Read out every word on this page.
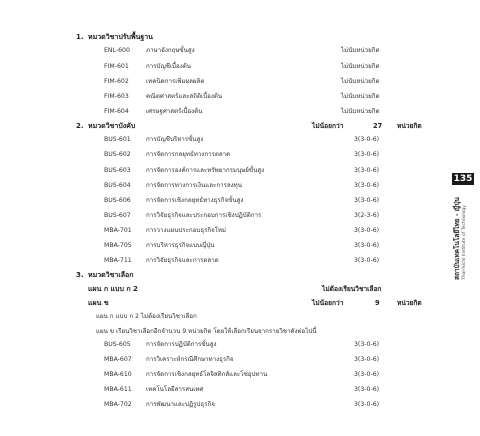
1. หมวดวิชาปรับพื้นฐาน
ENL-600	ภาษาอังกฤษขั้นสูง	ไม่นับหน่วยกิต
FIM-601	การบัญชีเบื้องต้น	ไม่นับหน่วยกิต
FIM-602	เทคนิคการเพิ่มผลผลิต	ไม่นับหน่วยกิต
FIM-603	คณิตศาสตร์และสถิติเบื้องต้น	ไม่นับหน่วยกิต
FIM-604	เศรษฐศาสตร์เบื้องต้น	ไม่นับหน่วยกิต
2. หมวดวิชาบังคับ	ไม่น้อยกว่า	27 หน่วยกิต
BUS-601 การบัญชีบริหารขั้นสูง	3(3-0-6)
BUS-602 การจัดการกลยุทธ์ทางการตลาด	3(3-0-6)
BUS-603 การจัดการองค์การและทรัพยากรมนุษย์ขั้นสูง	3(3-0-6)
BUS-604 การจัดการทางการเงินและการลงทุน	3(3-0-6)
BUS-606 การจัดการเชิงกลยุทธ์ทางธุรกิจขั้นสูง	3(3-0-6)
BUS-607 การวิจัยธุรกิจและประกอบการเชิงปฏิบัติการ	3(2-3-6)
MBA-701 การวางแผนประกอบธุรกิจใหม่	3(3-0-6)
MBA-705 การบริหารธุรกิจแบบญี่ปุ่น	3(3-0-6)
MBA-711 การวิจัยธุรกิจและการตลาด	3(3-0-6)
3. หมวดวิชาเลือก
แผน ก แบบ ก 2	ไม่ต้องเรียนวิชาเลือก
แผน ข	ไม่น้อยกว่า	9	หน่วยกิต
แผน ก แบบ ก 2 ไม่ต้องเรียนวิชาเลือก
แผน ข เรียนวิชาเลือกอีกจำนวน 9 หน่วยกิต โดยให้เลือกเรียนจากรายวิชาดังต่อไปนี้
BUS-605 การจัดการปฏิบัติการขั้นสูง	3(3-0-6)
MBA-607 การวิเคราะห์กรณีศึกษาทางธุรกิจ	3(3-0-6)
MBA-610 การจัดการเชิงกลยุทธ์โลจิสติกส์และโซ่อุปทาน	3(3-0-6)
MBA-611 เทคโนโลยีสารสนเทศ	3(3-0-6)
MBA-702 การพัฒนาและปฏิรูปธุรกิจ	3(3-0-6)
135
สถาบันเทคโนโลยีไทย - ญี่ปุ่น Thai-Nichi Institute of Technology
